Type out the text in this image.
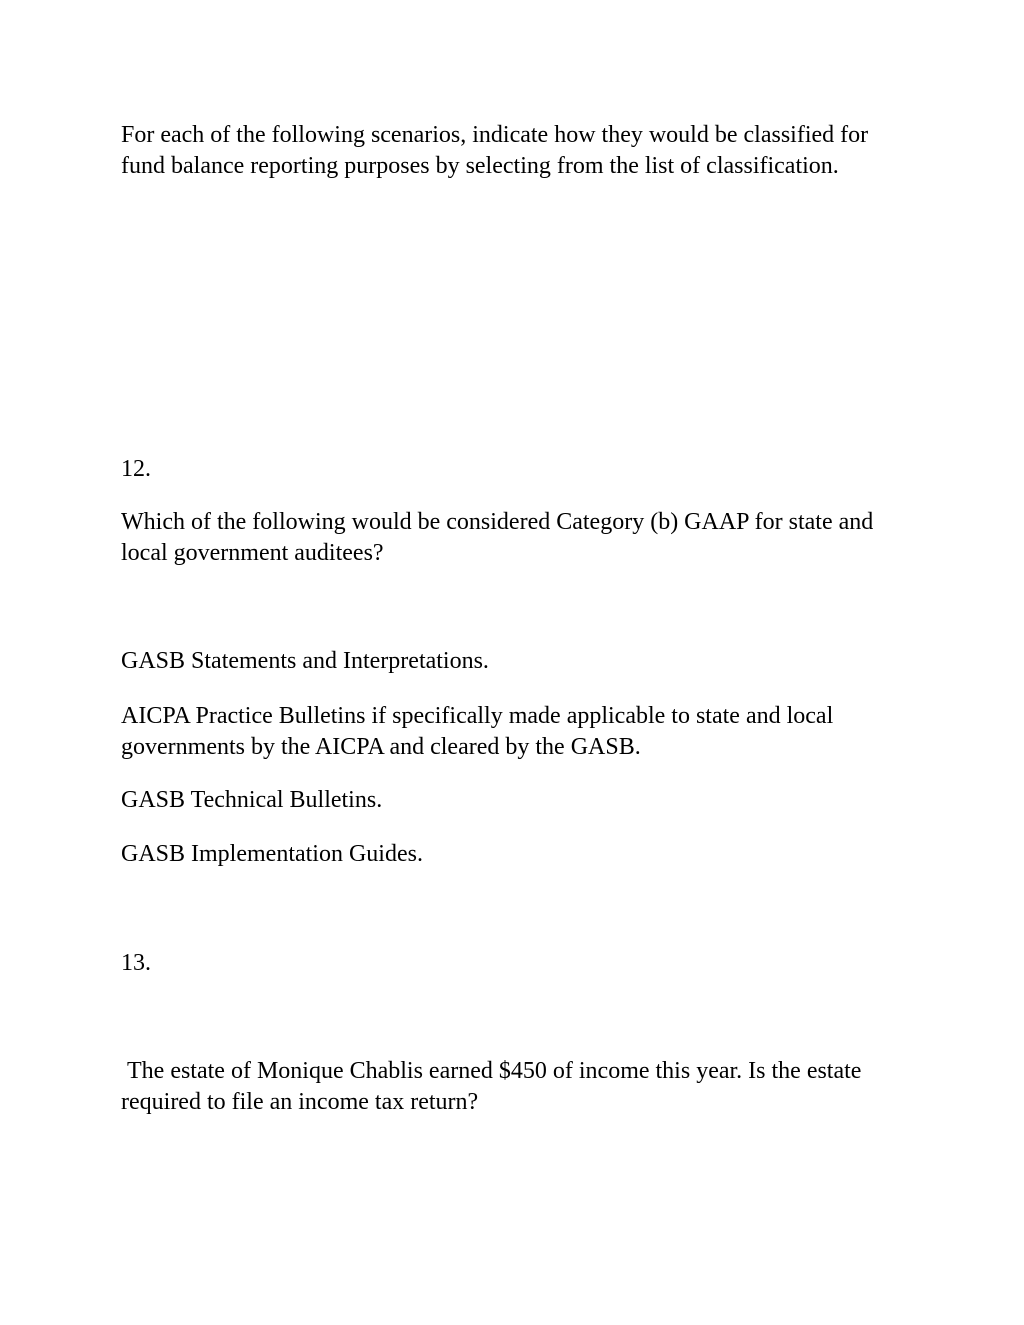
For each of the following scenarios, indicate how they would be classified for fund balance reporting purposes by selecting from the list of classification.

12.

Which of the following would be considered Category (b) GAAP for state and local government auditees?

GASB Statements and Interpretations.

AICPA Practice Bulletins if specifically made applicable to state and local governments by the AICPA and cleared by the GASB.

GASB Technical Bulletins.

GASB Implementation Guides.

13.

The estate of Monique Chablis earned $450 of income this year. Is the estate required to file an income tax return?
